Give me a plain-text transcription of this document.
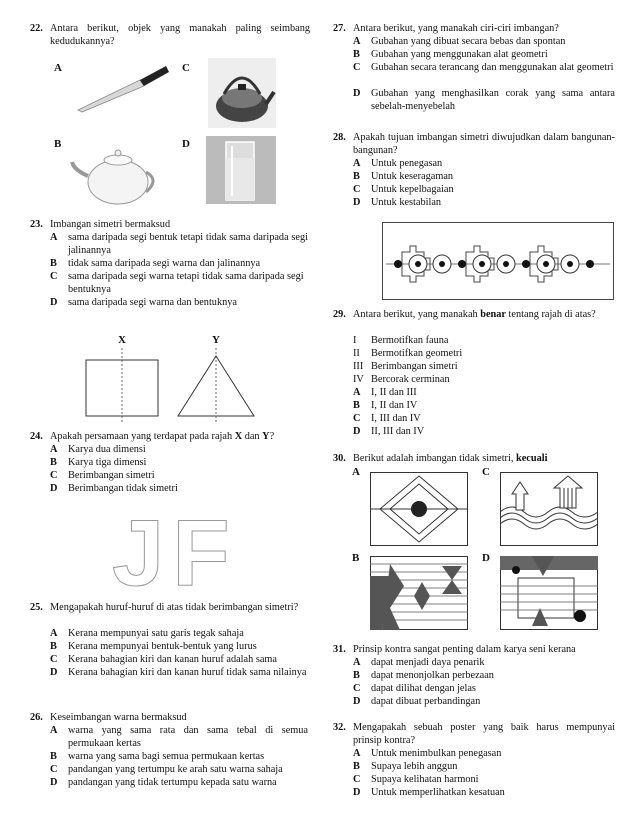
22. Antara berikut, objek yang manakah paling seimbang kedudukannya?
A	C
B	D
23. Imbangan simetri bermaksud
A sama daripada segi bentuk tetapi tidak sama daripada segi jalinannya
B tidak sama daripada segi warna dan jalinannya
C sama daripada segi warna tetapi tidak sama daripada segi bentuknya
D sama daripada segi warna dan bentuknya
X	Y
24. Apakah persamaan yang terdapat pada rajah X dan Y?
A Karya dua dimensi
B Karya tiga dimensi
C Berimbangan simetri
D Berimbangan tidak simetri
JF
25. Mengapakah huruf-huruf di atas tidak berimbangan simetri?
A Kerana mempunyai satu garis tegak sahaja
B Kerana mempunyai bentuk-bentuk yang lurus
C Kerana bahagian kiri dan kanan huruf adalah sama
D Kerana bahagian kiri dan kanan huruf tidak sama nilainya
26. Keseimbangan warna bermaksud
A warna yang sama rata dan sama tebal di semua permukaan kertas
B warna yang sama bagi semua permukaan kertas
C pandangan yang tertumpu ke arah satu warna sahaja
D pandangan yang tidak tertumpu kepada satu warna
27. Antara berikut, yang manakah ciri-ciri imbangan?
A Gubahan yang dibuat secara bebas dan spontan
B Gubahan yang menggunakan alat geometri
C Gubahan secara terancang dan menggunakan alat geometri
D Gubahan yang menghasilkan corak yang sama antara sebelah-menyebelah
28. Apakah tujuan imbangan simetri diwujudkan dalam bangunan-bangunan?
A Untuk penegasan
B Untuk keseragaman
C Untuk kepelbagaian
D Untuk kestabilan
29. Antara berikut, yang manakah benar tentang rajah di atas?
I Bermotifkan fauna
II Bermotifkan geometri
III Berimbangan simetri
IV Bercorak cerminan
A I, II dan III
B I, II dan IV
C I, III dan IV
D II, III dan IV
30. Berikut adalah imbangan tidak simetri, kecuali
A	C
B	D
31. Prinsip kontra sangat penting dalam karya seni kerana
A dapat menjadi daya penarik
B dapat menonjolkan perbezaan
C dapat dilihat dengan jelas
D dapat dibuat perbandingan
32. Mengapakah sebuah poster yang baik harus mempunyai prinsip kontra?
A Untuk menimbulkan penegasan
B Supaya lebih anggun
C Supaya kelihatan harmoni
D Untuk memperlihatkan kesatuan
